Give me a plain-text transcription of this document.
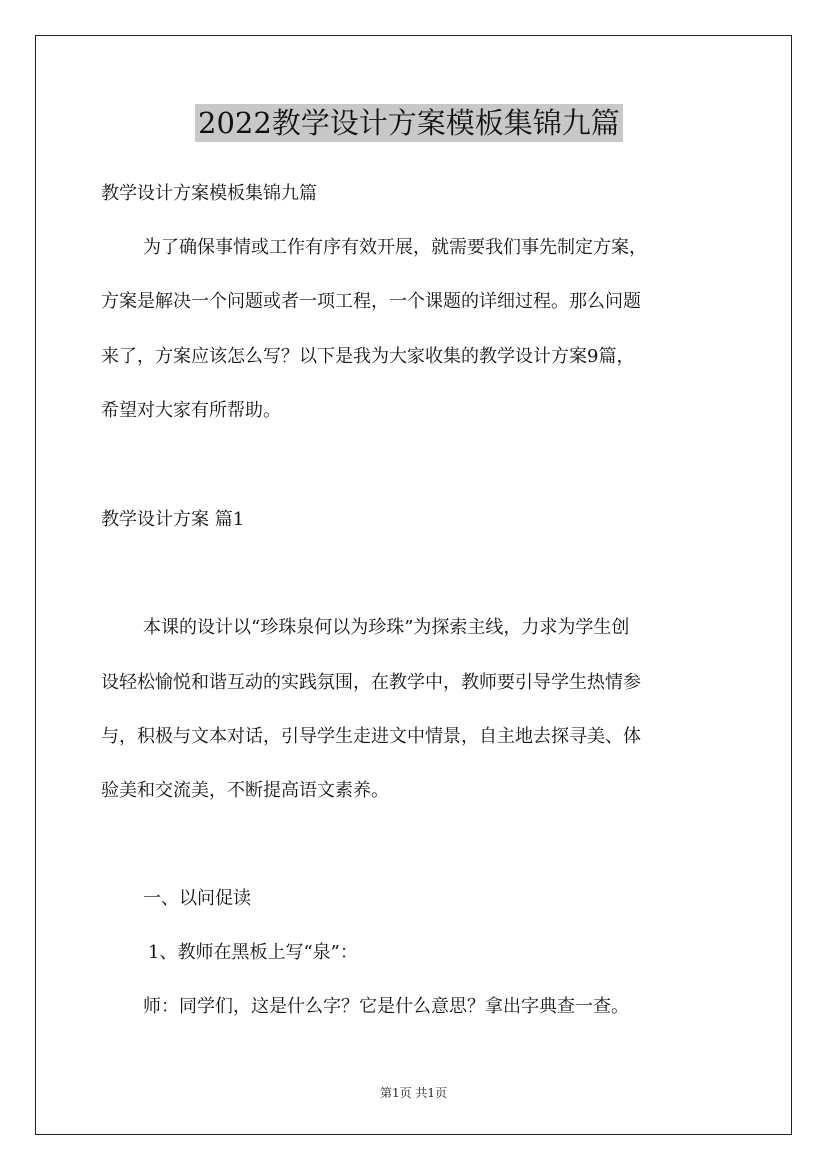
2022教学设计方案模板集锦九篇
教学设计方案模板集锦九篇
为了确保事情或工作有序有效开展，就需要我们事先制定方案，
方案是解决一个问题或者一项工程，一个课题的详细过程。那么问题
来了，方案应该怎么写？以下是我为大家收集的教学设计方案9篇，
希望对大家有所帮助。
教学设计方案 篇1
本课的设计以“珍珠泉何以为珍珠”为探索主线，力求为学生创
设轻松愉悦和谐互动的实践氛围，在教学中，教师要引导学生热情参
与，积极与文本对话，引导学生走进文中情景，自主地去探寻美、体
验美和交流美，不断提高语文素养。
一、以问促读
1、教师在黑板上写“泉”：
师：同学们，这是什么字？它是什么意思？拿出字典查一查。
第1页 共1页
